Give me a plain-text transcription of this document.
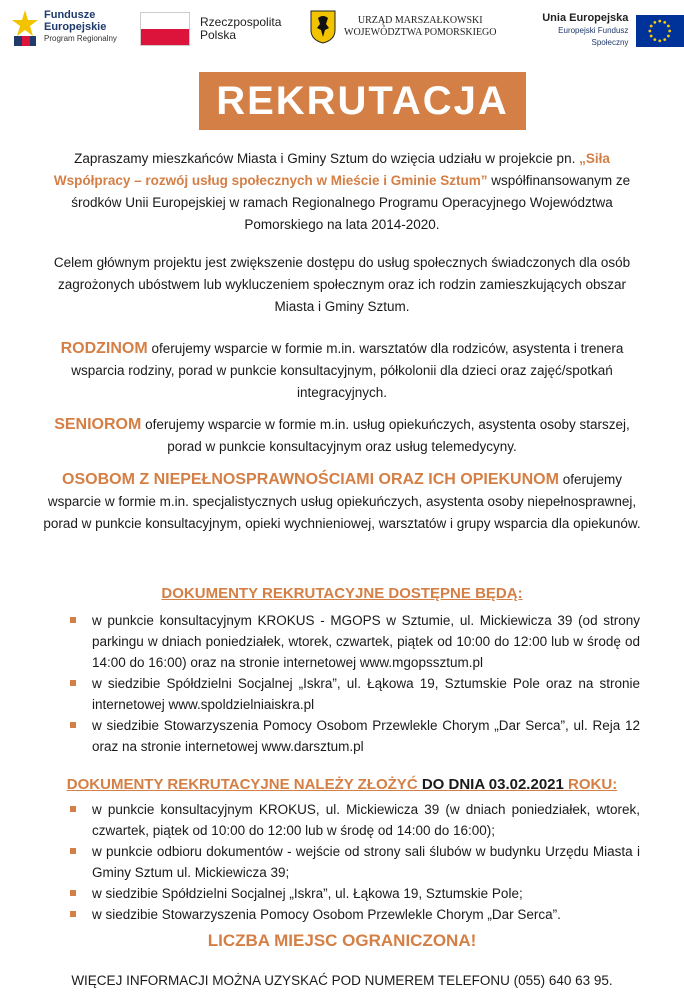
Fundusze
Europejskie
Program Regionalny
Rzeczpospolita
Polska
URZĄD MARSZAŁKOWSKI
WOJEWÓDZTWA POMORSKIEGO
Unia Europejska
Europejski Fundusz Społeczny
REKRUTACJA
Zapraszamy mieszkańców Miasta i Gminy Sztum do wzięcia udziału w projekcie pn. „Siła Współpracy – rozwój usług społecznych w Mieście i Gminie Sztum” współfinansowanym ze środków Unii Europejskiej w ramach Regionalnego Programu Operacyjnego Województwa Pomorskiego na lata 2014-2020.
Celem głównym projektu jest zwiększenie dostępu do usług społecznych świadczonych dla osób zagrożonych ubóstwem lub wykluczeniem społecznym oraz ich rodzin zamieszkujących obszar Miasta i Gminy Sztum.
RODZINOM oferujemy wsparcie w formie m.in. warsztatów dla rodziców, asystenta i trenera wsparcia rodziny, porad w punkcie konsultacyjnym, półkolonii dla dzieci oraz zajęć/spotkań integracyjnych.
SENIOROM oferujemy wsparcie w formie m.in. usług opiekuńczych, asystenta osoby starszej, porad w punkcie konsultacyjnym oraz usług telemedycyny.
OSOBOM Z NIEPEŁNOSPRAWNOŚCIAMI ORAZ ICH OPIEKUNOM oferujemy wsparcie w formie m.in. specjalistycznych usług opiekuńczych, asystenta osoby niepełnosprawnej, porad w punkcie konsultacyjnym, opieki wychnieniowej, warsztatów i grupy wsparcia dla opiekunów.
DOKUMENTY REKRUTACYJNE DOSTĘPNE BĘDĄ:
w punkcie konsultacyjnym KROKUS - MGOPS w Sztumie, ul. Mickiewicza 39 (od strony parkingu w dniach poniedziałek, wtorek, czwartek, piątek od 10:00 do 12:00 lub w środę od 14:00 do 16:00) oraz na stronie internetowej www.mgopssztum.pl
w siedzibie Spółdzielni Socjalnej „Iskra”, ul. Łąkowa 19, Sztumskie Pole oraz na stronie internetowej www.spoldzielniaiskra.pl
w siedzibie Stowarzyszenia Pomocy Osobom Przewlekle Chorym „Dar Serca”, ul. Reja 12 oraz na stronie internetowej www.darsztum.pl
DOKUMENTY REKRUTACYJNE NALEŻY ZŁOŻYĆ DO DNIA 03.02.2021 ROKU:
w punkcie konsultacyjnym KROKUS, ul. Mickiewicza 39 (w dniach poniedziałek, wtorek, czwartek, piątek od 10:00 do 12:00 lub w środę od 14:00 do 16:00);
w punkcie odbioru dokumentów - wejście od strony sali ślubów w budynku Urzędu Miasta i Gminy Sztum ul. Mickiewicza 39;
w siedzibie Spółdzielni Socjalnej „Iskra”, ul. Łąkowa 19, Sztumskie Pole;
w siedzibie Stowarzyszenia Pomocy Osobom Przewlekle Chorym „Dar Serca”.
LICZBA MIEJSC OGRANICZONA!
WIĘCEJ INFORMACJI MOŻNA UZYSKAĆ POD NUMEREM TELEFONU (055) 640 63 95.
